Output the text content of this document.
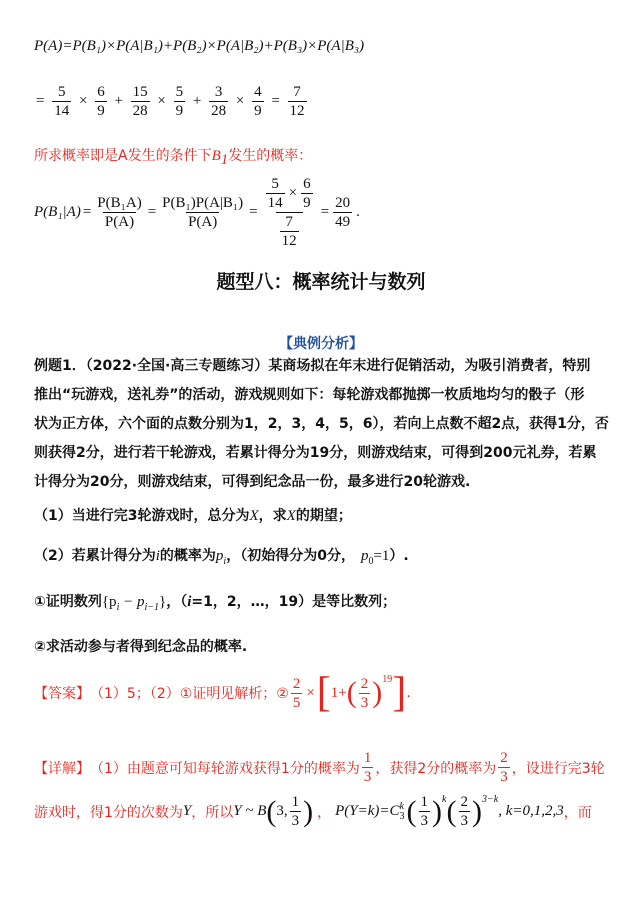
P(A)=P(B₁)×P(A|B₁)+P(B₂)×P(A|B₂)+P(B₃)×P(A|B₃)
= $\frac{5}{14} \times \frac{6}{9} + \frac{15}{28} \times \frac{5}{9} + \frac{3}{28} \times \frac{4}{9} = \frac{7}{12}$
所求概率即是A发生的条件下$B_1$发生的概率：
$P(B_1|A) = \frac{\text{P(B₁A)}}{P(A)} = \frac{\text{P(B₁)P(A|B₁)}}{P(A)} = \frac{\frac{5}{14} \times \frac{6}{9}}{\frac{7}{12}} = \frac{20}{49}$ .
题型八：概率统计与数列
【典例分析】
例题1．（2022·全国·高三专题练习）某商场拟在年末进行促销活动，为吸引消费者，特别
推出“玩游戏，送礼券”的活动，游戏规则如下：每轮游戏都抛掷一枚质地均匀的骰子（形
状为正方体，六个面的点数分别为1，2，3，4，5，6），若向上点数不超2点，获得1分，否
则获得2分，进行若干轮游戏，若累计得分为19分，则游戏结束，可得到200元礼券，若累
计得分为20分，则游戏结束，可得到纪念品一份，最多进行20轮游戏.
（1）当进行完3轮游戏时，总分为X，求X的期望；
（2）若累计得分为i的概率为$p_i$，（初始得分为0分， $p_0=1$）.
①证明数列$\{p_i - p_{i-1}\}$，（i=1，2，…，19）是等比数列；
②求活动参与者得到纪念品的概率.
【答案】 （1）5；（2）①证明见解析；② $\frac{2}{5}$ × [ 1+ ( $\frac{2}{3} )^{19}$ ] .
【详解】 （1）由题意可知每轮游戏获得1分的概率为 $\frac{1}{3}$ ，获得2分的概率为 $\frac{2}{3}$ ，设进行完3轮
游戏时，得1分的次数为 Y ，所以 Y ~ B ( 3, $\frac{1}{3}$ ) ， P(Y=k)=C k
3 ( $\frac{1}{3} )^k$ ( $\frac{2}{3} )^{3-k}$
, k=0,1,2,3 ，而
